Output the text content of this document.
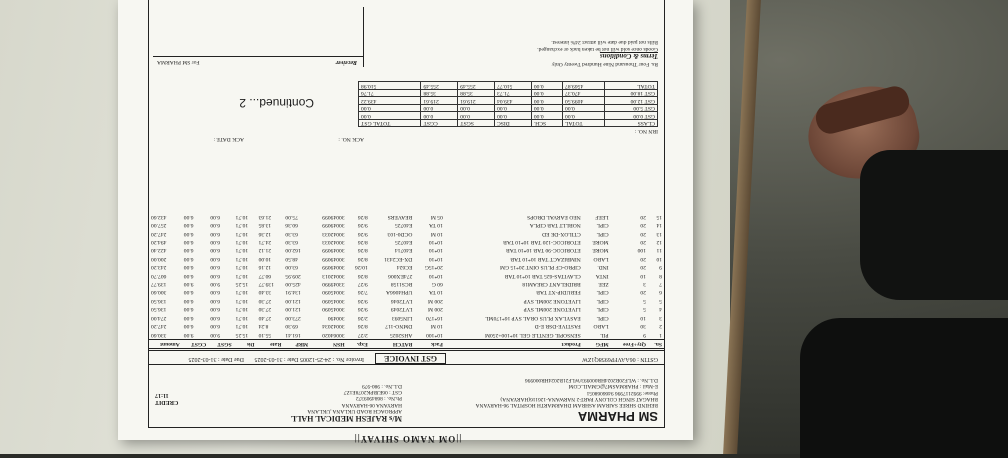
||OM NAMO SHIVAY||
SM PHARMA
BEHIND SHREE SAIRAM ASHRAM DHARMARTH HOSPITAL 96-HARYANA
BHAGAT SINGH COLONY PART-2 NARWANA-126116(HARYANA)
Phone: 9992117996 9466068051
E-Mail : PHARMASM7@GMAIL.COM
D.L.No. : WLF20B2024HR000993/WLF21B2024HR000996
M/s RAJESH MEDICAL HALL
APPROACH ROAD UKLANA ,UKLANA
HARYANA 06-HARYANA
Ph.No. : 8684909372
GST : 06EJBPK2078E1Z7
D.L.No. : 980-979
CREDIT
11:17
GSTIN : 06AAVFP6958Q1ZW
GST INVOICE
Invoice No. : 24-25-12005 Date : 31-03-2025
Due Date : 31-03-2025
Sn.	Qty+Free	MFG	Product	Pack	BATCH	Exp.	HSN	MRP	Rate	Dis	SGST	CGST	Amount
1	9	PIL	SENSOPIL GENTLE GEL 10*100+250M	10*100	AHS2025	2/27	30064020	161.41	55.10	15.25	9.00	9.00	330.60
2	30	LABO	FASTIVE-DSR E-D	10 M	DMNO-117	8/26	30042034	69.30	8.24	10.71	6.00	6.00	247.20
3	10	CIPL	EASYLAX PLUS ORAL SYP 16*170ML	16*170	LIN5093	2/26	300490	273.00	27.40	10.71	6.00	6.00	274.00
4	5	CIPL	LIVETONE 200ML SYP	200 M	LVT2049	9/26	30045090	121.00	27.30	10.71	6.00	6.00	136.50
5	5	CIPL	LIVETONE 200ML SYP	200 M	LVT2046	9/26	30045090	121.00	27.30	10.71	6.00	6.00	136.50
6	20	CIPL	FEBUDIP-XT TAB	10 TA	UPH4066A	7/26	30045090	134.91	33.40	10.71	6.00	6.00	300.60
7	3	ZEE	BRIDELANT CREAM18	60 G	BCS1158	9/27	33049990	425.00	139.77	15.25	9.00	9.00	139.77
8	10	INTA	CLAVITAS-625 TAB 10*10 TAB	10*10	274EX006	8/26	30042013	209.95	60.77	10.71	6.00	6.00	607.70
9	20	IND.	CIPRO-CF PLUS OINT 20*15 GM	20*15G	EC624	10/26	30049099	63.00	12.16	10.71	6.00	6.00	243.20
10	20	LABO	NIMBIZACT TAB 10*10 TAB	10*10	DX-EC2431	8/26	30049099	48.50	10.00	10.71	6.00	6.00	200.00
11	100	MORE	ETORICOC-90 TAB 10*10 TAB	10*10	E40714	8/26	30049099	162.00	21.12	10.71	6.00	6.00	422.40
12	20	MORE	ETORICOC-120 TAB 10*10 TAB	10*10	E40725	8/26	30042033	63.30	24.71	10.71	6.00	6.00	494.20
13	20	CIPL	CTILOX-DE ED	10 M	OCD0-103	9/26	30042033	63.30	12.36	10.71	6.00	6.00	247.20
14	20	CIPL	NOBLLT TAB CIPLA	10 TA	E40725	9/26	30049099	60.36	13.85	10.71	6.00	6.00	257.00
15	20	LEEF	NEO EARVAL DROPS	05 M	BEAVERS	8/26	30049099	75.00	21.63	10.71	6.00	6.00	432.60
ACK NO. :
ACK DATE :
IRN NO. :
CLASS	TOTAL	SCH.	DISC	SGST	CGST	TOTAL GST
GST 0.00	0.00	0.00	0.00	0.00	0.00	0.00
GST 5.00	0.00	0.00	0.00	0.00	0.00	0.00
GST 12.00	4099.50	0.00	439.04	219.61	219.61	439.22
GST 18.00	470.37	0.00	71.73	35.88	35.88	71.76
TOTAL	4569.87	0.00	510.77	255.49	255.49	510.98
Continued... 2
Rs. Four Thousand Nine Hundred Twenty Only
Terms & Conditions
Goods once sold will not be taken back or exchanged.
Bills not paid due date will attract 24% interest.
Receiver
For SM PHARMA
